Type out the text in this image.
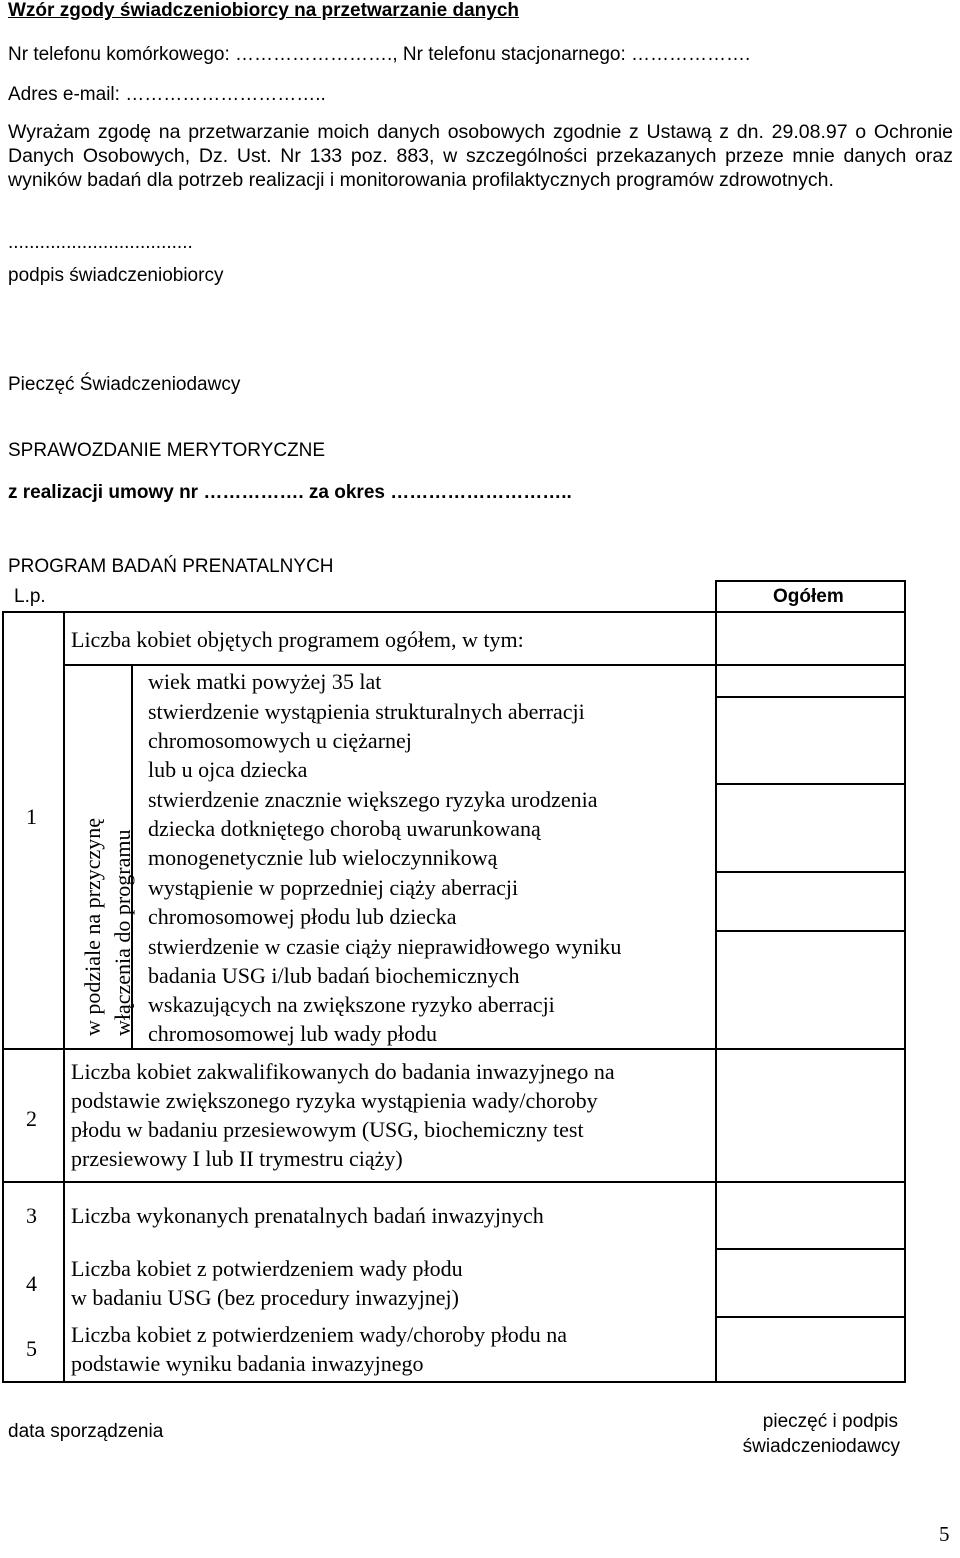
Wzór zgody świadczeniobiorcy na przetwarzanie danych
Nr telefonu komórkowego: ……………………., Nr telefonu stacjonarnego: ……………….
Adres e-mail: …………………………..
Wyrażam zgodę na przetwarzanie moich danych osobowych zgodnie z Ustawą z dn. 29.08.97 o Ochronie Danych Osobowych, Dz. Ust. Nr 133 poz. 883, w szczególności przekazanych przeze mnie danych oraz wyników badań dla potrzeb realizacji i monitorowania profilaktycznych programów zdrowotnych.
...................................
podpis świadczeniobiorcy
Pieczęć Świadczeniodawcy
SPRAWOZDANIE MERYTORYCZNE
z realizacji umowy nr ……………. za okres ………………………..
PROGRAM BADAŃ PRENATALNYCH
L.p.	Ogółem
1
Liczba kobiet objętych programem ogółem, w tym:
w podziale na przyczynę włączenia do programu
wiek matki powyżej 35 lat
stwierdzenie wystąpienia strukturalnych aberracji
chromosomowych u ciężarnej
lub u ojca dziecka
stwierdzenie znacznie większego ryzyka urodzenia
dziecka dotkniętego chorobą uwarunkowaną
monogenetycznie lub wieloczynnikową
wystąpienie w poprzedniej ciąży aberracji
chromosomowej płodu lub dziecka
stwierdzenie w czasie ciąży nieprawidłowego wyniku
badania USG i/lub badań biochemicznych
wskazujących na zwiększone ryzyko aberracji
chromosomowej lub wady płodu
2
Liczba kobiet zakwalifikowanych do badania inwazyjnego na
podstawie zwiększonego ryzyka wystąpienia wady/choroby
płodu w badaniu przesiewowym (USG, biochemiczny test
przesiewowy I lub II trymestru ciąży)
3 Liczba wykonanych prenatalnych badań inwazyjnych
4
Liczba kobiet z potwierdzeniem wady płodu
w badaniu USG (bez procedury inwazyjnej)
5
Liczba kobiet z potwierdzeniem wady/choroby płodu na
podstawie wyniku badania inwazyjnego
data sporządzenia	pieczęć i podpis
świadczeniodawcy
5
